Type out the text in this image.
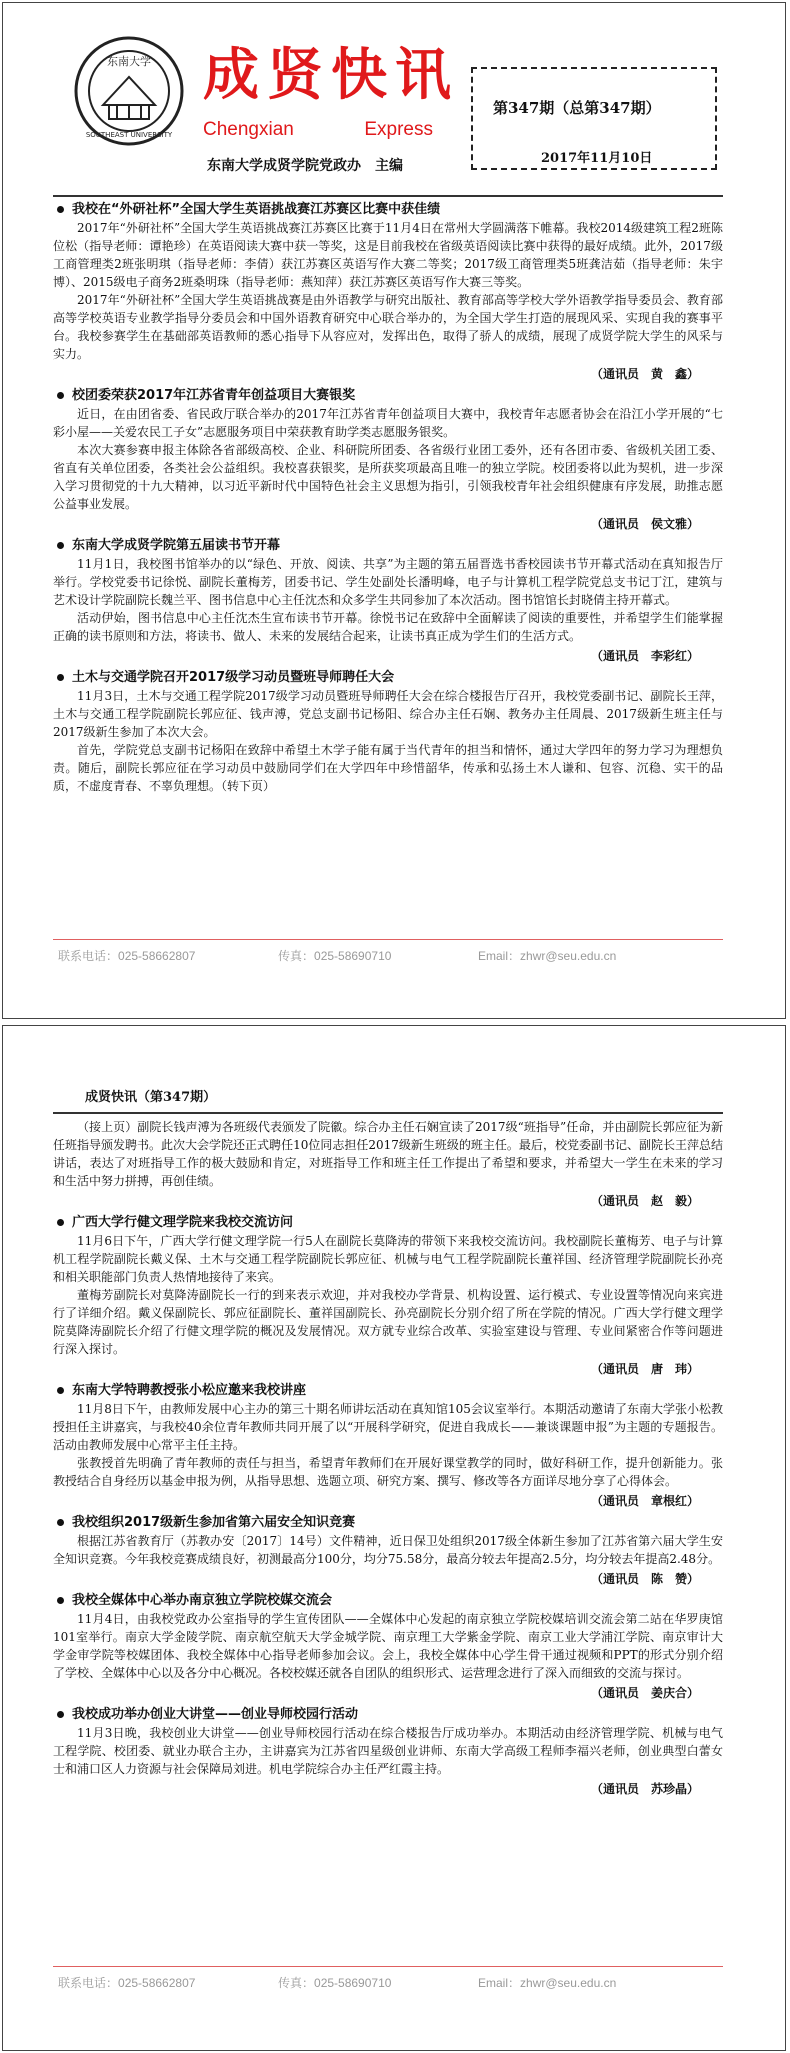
东南大学
SOUTHEAST UNIVERSITY
成贤快讯
Chengxian	Express
东南大学成贤学院党政办　主编
第347期（总第347期）
2017年11月10日

我校在“外研社杯”全国大学生英语挑战赛江苏赛区比赛中获佳绩

2017年“外研社杯”全国大学生英语挑战赛江苏赛区比赛于11月4日在常州大学圆满落下帷幕。我校2014级建筑工程2班陈位松（指导老师：谭艳珍）在英语阅读大赛中获一等奖，这是目前我校在省级英语阅读比赛中获得的最好成绩。此外，2017级工商管理类2班张明琪（指导老师：李倩）获江苏赛区英语写作大赛二等奖；2017级工商管理类5班龚洁茹（指导老师：朱宇博）、2015级电子商务2班桑明珠（指导老师：燕知萍）获江苏赛区英语写作大赛三等奖。

2017年“外研社杯”全国大学生英语挑战赛是由外语教学与研究出版社、教育部高等学校大学外语教学指导委员会、教育部高等学校英语专业教学指导分委员会和中国外语教育研究中心联合举办的，为全国大学生打造的展现风采、实现自我的赛事平台。我校参赛学生在基础部英语教师的悉心指导下从容应对，发挥出色，取得了骄人的成绩，展现了成贤学院大学生的风采与实力。

（通讯员　黄　鑫）

校团委荣获2017年江苏省青年创益项目大赛银奖

近日，在由团省委、省民政厅联合举办的2017年江苏省青年创益项目大赛中，我校青年志愿者协会在沿江小学开展的“七彩小屋——关爱农民工子女”志愿服务项目中荣获教育助学类志愿服务银奖。

本次大赛参赛申报主体除各省部级高校、企业、科研院所团委、各省级行业团工委外，还有各团市委、省级机关团工委、省直有关单位团委，各类社会公益组织。我校喜获银奖，是所获奖项最高且唯一的独立学院。校团委将以此为契机，进一步深入学习贯彻党的十九大精神，以习近平新时代中国特色社会主义思想为指引，引领我校青年社会组织健康有序发展，助推志愿公益事业发展。

（通讯员　侯文雅）

东南大学成贤学院第五届读书节开幕

11月1日，我校图书馆举办的以“绿色、开放、阅读、共享”为主题的第五届晋选书香校园读书节开幕式活动在真知报告厅举行。学校党委书记徐悦、副院长董梅芳，团委书记、学生处副处长潘明峰，电子与计算机工程学院党总支书记丁江，建筑与艺术设计学院副院长魏兰平、图书信息中心主任沈杰和众多学生共同参加了本次活动。图书馆馆长封晓倩主持开幕式。

活动伊始，图书信息中心主任沈杰生宣布读书节开幕。徐悦书记在致辞中全面解读了阅读的重要性，并希望学生们能掌握正确的读书原则和方法，将读书、做人、未来的发展结合起来，让读书真正成为学生们的生活方式。

（通讯员　李彩红）

土木与交通学院召开2017级学习动员暨班导师聘任大会

11月3日，土木与交通工程学院2017级学习动员暨班导师聘任大会在综合楼报告厅召开，我校党委副书记、副院长王萍，土木与交通工程学院副院长郭应征、钱声溥，党总支副书记杨阳、综合办主任石娴、教务办主任周晨、2017级新生班主任与2017级新生参加了本次大会。

首先，学院党总支副书记杨阳在致辞中希望土木学子能有属于当代青年的担当和情怀，通过大学四年的努力学习为理想负责。随后，副院长郭应征在学习动员中鼓励同学们在大学四年中珍惜韶华，传承和弘扬土木人谦和、包容、沉稳、实干的品质，不虚度青春、不辜负理想。（转下页）

联系电话：025-58662807	传真：025-58690710	Email：zhwr@seu.edu.cn
成贤快讯（第347期）

（接上页）副院长钱声溥为各班级代表颁发了院徽。综合办主任石娴宣读了2017级“班指导”任命，并由副院长郭应征为新任班指导颁发聘书。此次大会学院还正式聘任10位同志担任2017级新生班级的班主任。最后，校党委副书记、副院长王萍总结讲话，表达了对班指导工作的极大鼓励和肯定，对班指导工作和班主任工作提出了希望和要求，并希望大一学生在未来的学习和生活中努力拼搏，再创佳绩。

（通讯员　赵　毅）

广西大学行健文理学院来我校交流访问

11月6日下午，广西大学行健文理学院一行5人在副院长莫降涛的带领下来我校交流访问。我校副院长董梅芳、电子与计算机工程学院副院长戴义保、土木与交通工程学院副院长郭应征、机械与电气工程学院副院长董祥国、经济管理学院副院长孙亮和相关职能部门负责人热情地接待了来宾。

董梅芳副院长对莫降涛副院长一行的到来表示欢迎，并对我校办学背景、机构设置、运行模式、专业设置等情况向来宾进行了详细介绍。戴义保副院长、郭应征副院长、董祥国副院长、孙亮副院长分别介绍了所在学院的情况。广西大学行健文理学院莫降涛副院长介绍了行健文理学院的概况及发展情况。双方就专业综合改革、实验室建设与管理、专业间紧密合作等问题进行深入探讨。

（通讯员　唐　玮）

东南大学特聘教授张小松应邀来我校讲座

11月8日下午，由教师发展中心主办的第三十期名师讲坛活动在真知馆105会议室举行。本期活动邀请了东南大学张小松教授担任主讲嘉宾，与我校40余位青年教师共同开展了以“开展科学研究，促进自我成长——兼谈课题申报”为主题的专题报告。活动由教师发展中心常平主任主持。

张教授首先明确了青年教师的责任与担当，希望青年教师们在开展好课堂教学的同时，做好科研工作，提升创新能力。张教授结合自身经历以基金申报为例，从指导思想、选题立项、研究方案、撰写、修改等各方面详尽地分享了心得体会。

（通讯员　章根红）

我校组织2017级新生参加省第六届安全知识竞赛

根据江苏省教育厅（苏教办安〔2017〕14号）文件精神，近日保卫处组织2017级全体新生参加了江苏省第六届大学生安全知识竞赛。今年我校竞赛成绩良好，初测最高分100分，均分75.58分，最高分较去年提高2.5分，均分较去年提高2.48分。

（通讯员　陈　赞）

我校全媒体中心举办南京独立学院校媒交流会

11月4日，由我校党政办公室指导的学生宣传团队——全媒体中心发起的南京独立学院校媒培训交流会第二站在华罗庚馆101室举行。南京大学金陵学院、南京航空航天大学金城学院、南京理工大学紫金学院、南京工业大学浦江学院、南京审计大学金审学院等校媒团体、我校全媒体中心指导老师参加会议。会上，我校全媒体中心学生骨干通过视频和PPT的形式分别介绍了学校、全媒体中心以及各分中心概况。各校校媒还就各自团队的组织形式、运营理念进行了深入而细致的交流与探讨。

（通讯员　姜庆合）

我校成功举办创业大讲堂——创业导师校园行活动

11月3日晚，我校创业大讲堂——创业导师校园行活动在综合楼报告厅成功举办。本期活动由经济管理学院、机械与电气工程学院、校团委、就业办联合主办，主讲嘉宾为江苏省四星级创业讲师、东南大学高级工程师李福兴老师，创业典型白蕾女士和浦口区人力资源与社会保障局刘进。机电学院综合办主任严红霞主持。

（通讯员　苏珍晶）

联系电话：025-58662807	传真：025-58690710	Email：zhwr@seu.edu.cn
